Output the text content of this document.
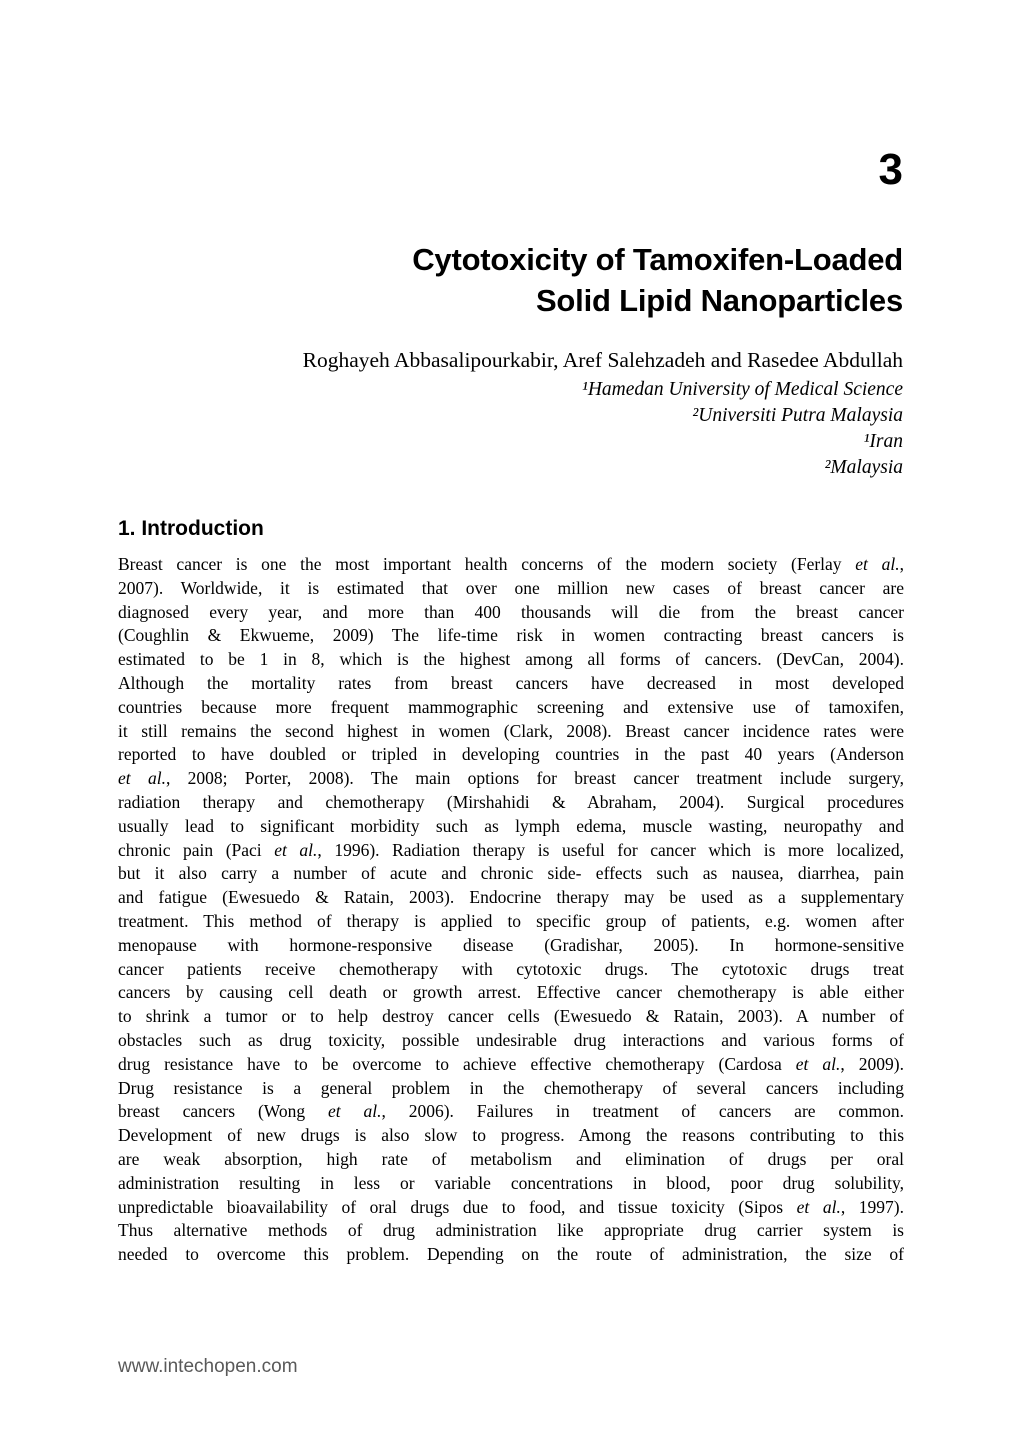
3
Cytotoxicity of Tamoxifen-Loaded
Solid Lipid Nanoparticles
Roghayeh Abbasalipourkabir, Aref Salehzadeh and Rasedee Abdullah
¹Hamedan University of Medical Science
²Universiti Putra Malaysia
¹Iran
²Malaysia
1. Introduction
Breast cancer is one the most important health concerns of the modern society (Ferlay et al.,
2007). Worldwide, it is estimated that over one million new cases of breast cancer are
diagnosed every year, and more than 400 thousands will die from the breast cancer
(Coughlin & Ekwueme, 2009) The life-time risk in women contracting breast cancers is
estimated to be 1 in 8, which is the highest among all forms of cancers. (DevCan, 2004).
Although the mortality rates from breast cancers have decreased in most developed
countries because more frequent mammographic screening and extensive use of tamoxifen,
it still remains the second highest in women (Clark, 2008). Breast cancer incidence rates were
reported to have doubled or tripled in developing countries in the past 40 years (Anderson
et al., 2008; Porter, 2008). The main options for breast cancer treatment include surgery,
radiation therapy and chemotherapy (Mirshahidi & Abraham, 2004). Surgical procedures
usually lead to significant morbidity such as lymph edema, muscle wasting, neuropathy and
chronic pain (Paci et al., 1996). Radiation therapy is useful for cancer which is more localized,
but it also carry a number of acute and chronic side- effects such as nausea, diarrhea, pain
and fatigue (Ewesuedo & Ratain, 2003). Endocrine therapy may be used as a supplementary
treatment. This method of therapy is applied to specific group of patients, e.g. women after
menopause with hormone-responsive disease (Gradishar, 2005). In hormone-sensitive
cancer patients receive chemotherapy with cytotoxic drugs. The cytotoxic drugs treat
cancers by causing cell death or growth arrest. Effective cancer chemotherapy is able either
to shrink a tumor or to help destroy cancer cells (Ewesuedo & Ratain, 2003). A number of
obstacles such as drug toxicity, possible undesirable drug interactions and various forms of
drug resistance have to be overcome to achieve effective chemotherapy (Cardosa et al., 2009).
Drug resistance is a general problem in the chemotherapy of several cancers including
breast cancers (Wong et al., 2006). Failures in treatment of cancers are common.
Development of new drugs is also slow to progress. Among the reasons contributing to this
are weak absorption, high rate of metabolism and elimination of drugs per oral
administration resulting in less or variable concentrations in blood, poor drug solubility,
unpredictable bioavailability of oral drugs due to food, and tissue toxicity (Sipos et al., 1997).
Thus alternative methods of drug administration like appropriate drug carrier system is
needed to overcome this problem. Depending on the route of administration, the size of
www.intechopen.com
